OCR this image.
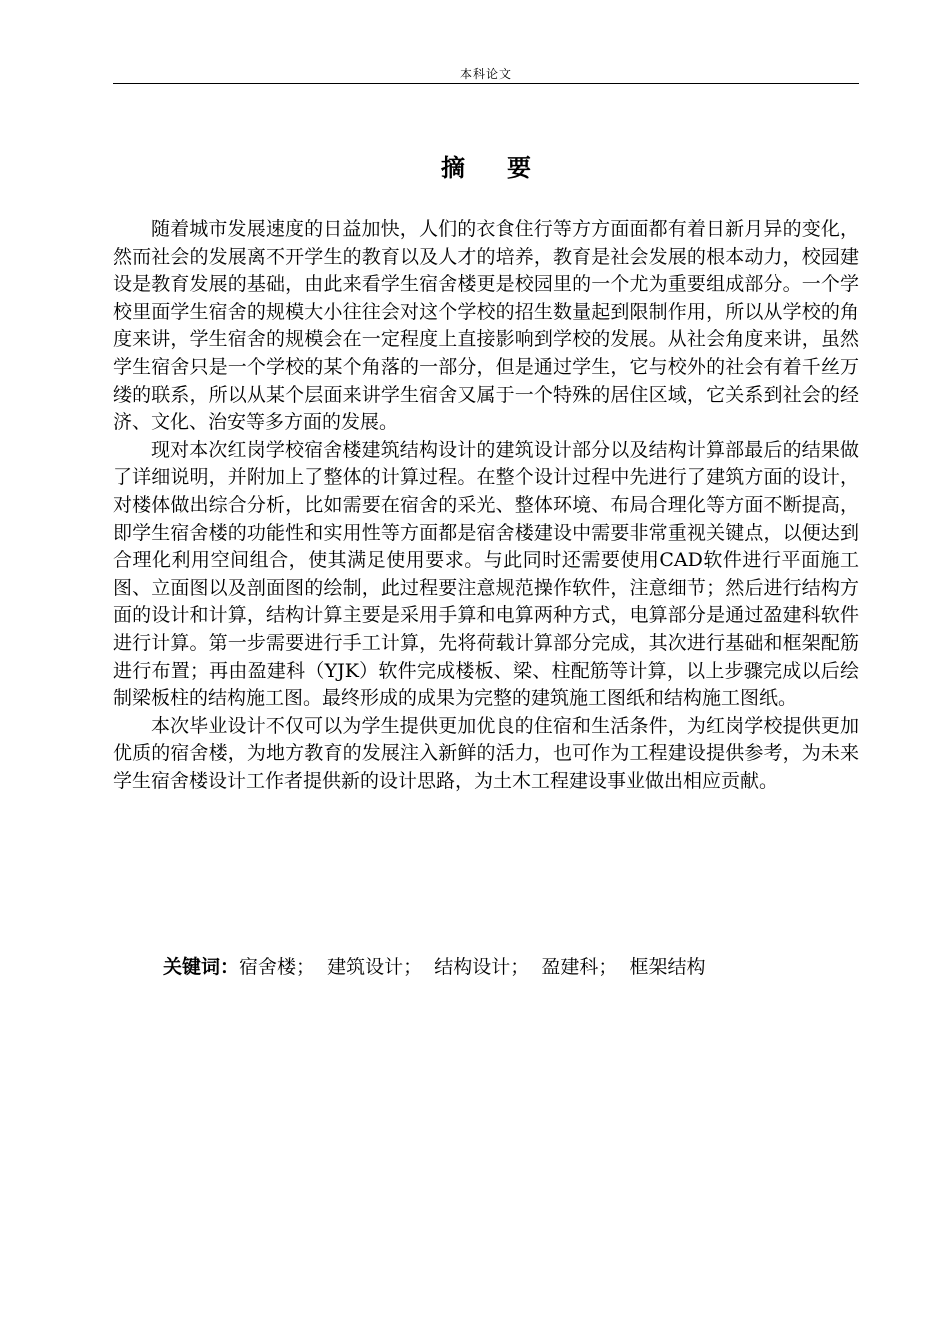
本科论文
摘要

随着城市发展速度的日益加快，人们的衣食住行等方方面面都有着日新月异的变化，然而社会的发展离不开学生的教育以及人才的培养，教育是社会发展的根本动力，校园建设是教育发展的基础，由此来看学生宿舍楼更是校园里的一个尤为重要组成部分。一个学校里面学生宿舍的规模大小往往会对这个学校的招生数量起到限制作用，所以从学校的角度来讲，学生宿舍的规模会在一定程度上直接影响到学校的发展。从社会角度来讲，虽然学生宿舍只是一个学校的某个角落的一部分，但是通过学生，它与校外的社会有着千丝万缕的联系，所以从某个层面来讲学生宿舍又属于一个特殊的居住区域，它关系到社会的经济、文化、治安等多方面的发展。

现对本次红岗学校宿舍楼建筑结构设计的建筑设计部分以及结构计算部最后的结果做了详细说明，并附加上了整体的计算过程。在整个设计过程中先进行了建筑方面的设计，对楼体做出综合分析，比如需要在宿舍的采光、整体环境、布局合理化等方面不断提高，即学生宿舍楼的功能性和实用性等方面都是宿舍楼建设中需要非常重视关键点，以便达到合理化利用空间组合，使其满足使用要求。与此同时还需要使用CAD软件进行平面施工图、立面图以及剖面图的绘制，此过程要注意规范操作软件，注意细节；然后进行结构方面的设计和计算，结构计算主要是采用手算和电算两种方式，电算部分是通过盈建科软件进行计算。第一步需要进行手工计算，先将荷载计算部分完成，其次进行基础和框架配筋进行布置；再由盈建科（YJK）软件完成楼板、梁、柱配筋等计算，以上步骤完成以后绘制梁板柱的结构施工图。最终形成的成果为完整的建筑施工图纸和结构施工图纸。

本次毕业设计不仅可以为学生提供更加优良的住宿和生活条件，为红岗学校提供更加优质的宿舍楼，为地方教育的发展注入新鲜的活力，也可作为工程建设提供参考，为未来学生宿舍楼设计工作者提供新的设计思路，为土木工程建设事业做出相应贡献。

关键词：宿舍楼； 建筑设计； 结构设计； 盈建科； 框架结构
